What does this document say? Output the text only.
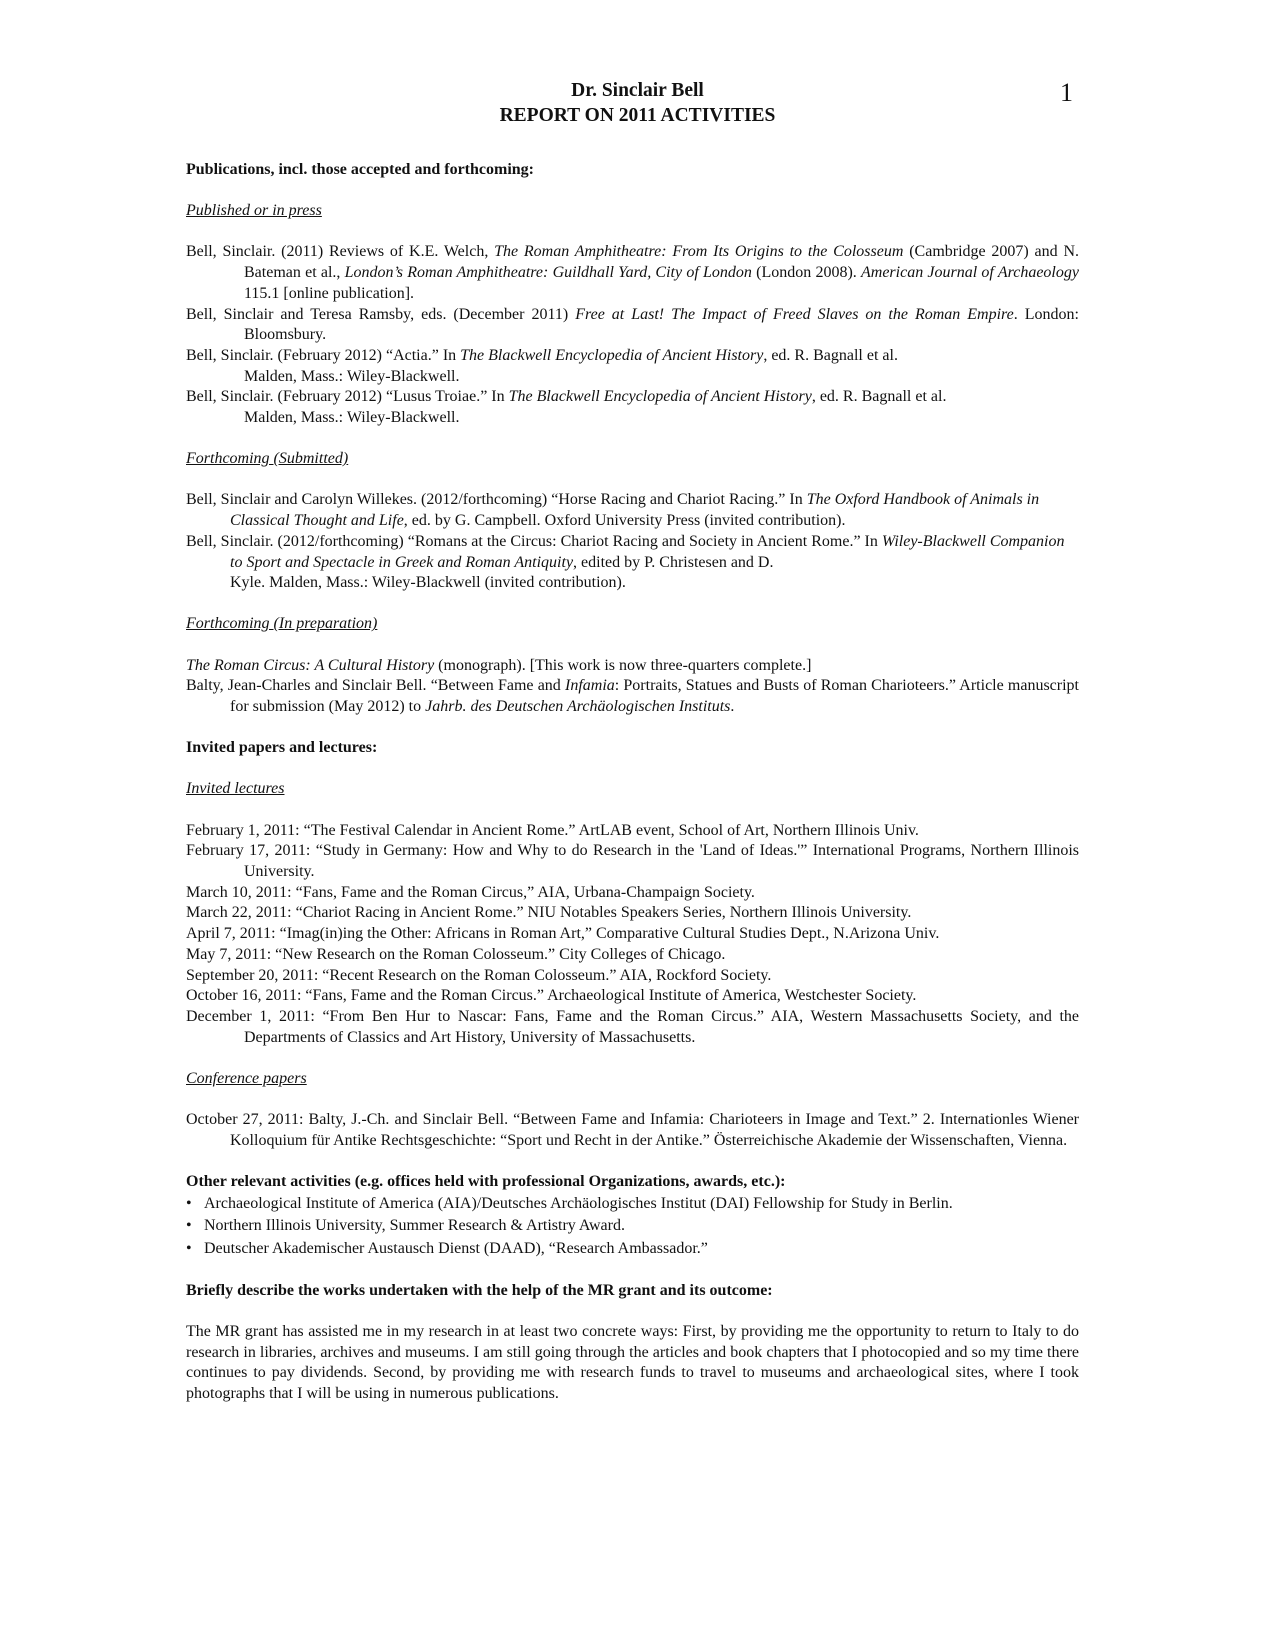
1
Dr. Sinclair Bell
REPORT ON 2011 ACTIVITIES

Publications, incl. those accepted and forthcoming:

Published or in press

Bell, Sinclair. (2011) Reviews of K.E. Welch, The Roman Amphitheatre: From Its Origins to the Colosseum (Cambridge 2007) and N. Bateman et al., London’s Roman Amphitheatre: Guildhall Yard, City of London (London 2008). American Journal of Archaeology 115.1 [online publication].

Bell, Sinclair and Teresa Ramsby, eds. (December 2011) Free at Last! The Impact of Freed Slaves on the Roman Empire. London: Bloomsbury.

Bell, Sinclair. (February 2012) “Actia.” In The Blackwell Encyclopedia of Ancient History, ed. R. Bagnall et al.
Malden, Mass.: Wiley-Blackwell.

Bell, Sinclair. (February 2012) “Lusus Troiae.” In The Blackwell Encyclopedia of Ancient History, ed. R. Bagnall et al.
Malden, Mass.: Wiley-Blackwell.

Forthcoming (Submitted)

Bell, Sinclair and Carolyn Willekes. (2012/forthcoming) “Horse Racing and Chariot Racing.” In The Oxford Handbook of Animals in Classical Thought and Life, ed. by G. Campbell. Oxford University Press (invited contribution).

Bell, Sinclair. (2012/forthcoming) “Romans at the Circus: Chariot Racing and Society in Ancient Rome.” In Wiley-Blackwell Companion to Sport and Spectacle in Greek and Roman Antiquity, edited by P. Christesen and D.
Kyle. Malden, Mass.: Wiley-Blackwell (invited contribution).

Forthcoming (In preparation)

The Roman Circus: A Cultural History (monograph). [This work is now three-quarters complete.]

Balty, Jean-Charles and Sinclair Bell. “Between Fame and Infamia: Portraits, Statues and Busts of Roman Charioteers.” Article manuscript for submission (May 2012) to Jahrb. des Deutschen Archäologischen Instituts.

Invited papers and lectures:

Invited lectures

February 1, 2011: “The Festival Calendar in Ancient Rome.” ArtLAB event, School of Art, Northern Illinois Univ.

February 17, 2011: “Study in Germany: How and Why to do Research in the 'Land of Ideas.'” International Programs, Northern Illinois University.

March 10, 2011: “Fans, Fame and the Roman Circus,” AIA, Urbana-Champaign Society.

March 22, 2011: “Chariot Racing in Ancient Rome.” NIU Notables Speakers Series, Northern Illinois University.

April 7, 2011: “Imag(in)ing the Other: Africans in Roman Art,” Comparative Cultural Studies Dept., N.Arizona Univ.

May 7, 2011: “New Research on the Roman Colosseum.” City Colleges of Chicago.

September 20, 2011: “Recent Research on the Roman Colosseum.” AIA, Rockford Society.

October 16, 2011: “Fans, Fame and the Roman Circus.” Archaeological Institute of America, Westchester Society.

December 1, 2011: “From Ben Hur to Nascar: Fans, Fame and the Roman Circus.” AIA, Western Massachusetts Society, and the Departments of Classics and Art History, University of Massachusetts.

Conference papers

October 27, 2011: Balty, J.-Ch. and Sinclair Bell. “Between Fame and Infamia: Charioteers in Image and Text.” 2. Internationles Wiener Kolloquium für Antike Rechtsgeschichte: “Sport und Recht in der Antike.” Österreichische Akademie der Wissenschaften, Vienna.

Other relevant activities (e.g. offices held with professional Organizations, awards, etc.):

• Archaeological Institute of America (AIA)/Deutsches Archäologisches Institut (DAI) Fellowship for Study in Berlin.
• Northern Illinois University, Summer Research & Artistry Award.
• Deutscher Akademischer Austausch Dienst (DAAD), “Research Ambassador.”

Briefly describe the works undertaken with the help of the MR grant and its outcome:

The MR grant has assisted me in my research in at least two concrete ways: First, by providing me the opportunity to return to Italy to do research in libraries, archives and museums. I am still going through the articles and book chapters that I photocopied and so my time there continues to pay dividends. Second, by providing me with research funds to travel to museums and archaeological sites, where I took photographs that I will be using in numerous publications.
